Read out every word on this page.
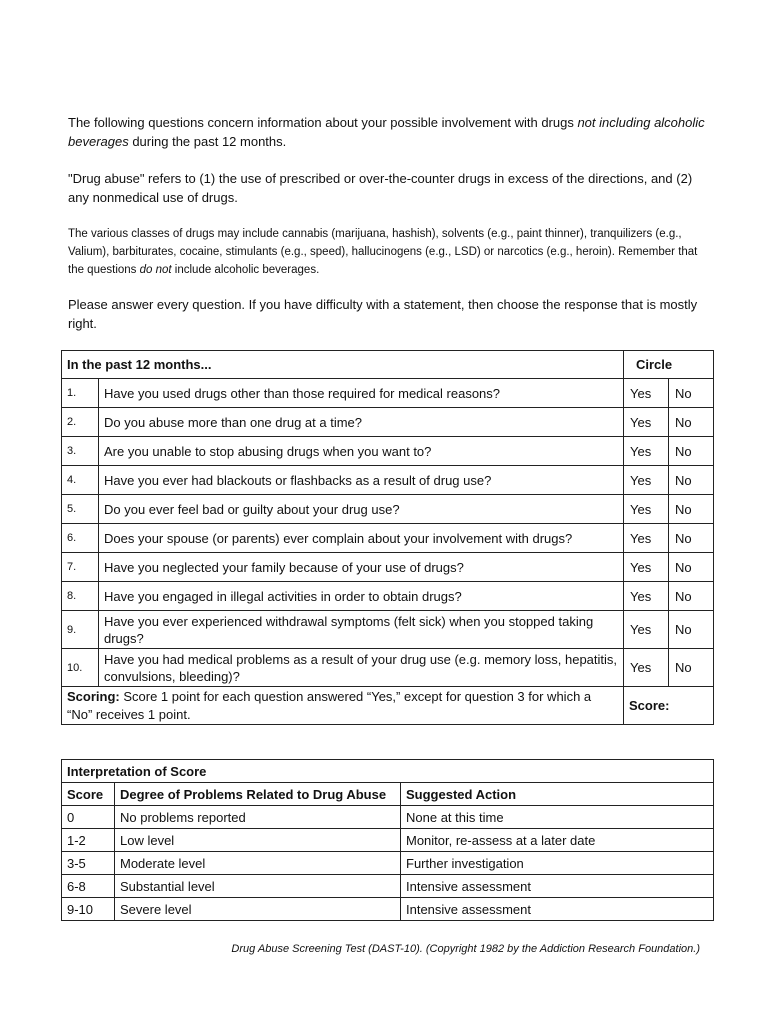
The following questions concern information about your possible involvement with drugs not including alcoholic beverages during the past 12 months.

"Drug abuse" refers to (1) the use of prescribed or over-the-counter drugs in excess of the directions, and (2) any nonmedical use of drugs.

The various classes of drugs may include cannabis (marijuana, hashish), solvents (e.g., paint thinner), tranquilizers (e.g., Valium), barbiturates, cocaine, stimulants (e.g., speed), hallucinogens (e.g., LSD) or narcotics (e.g., heroin). Remember that the questions do not include alcoholic beverages.

Please answer every question. If you have difficulty with a statement, then choose the response that is mostly right.

In the past 12 months...		Circle	
1.	Have you used drugs other than those required for medical reasons?	Yes	No
2.	Do you abuse more than one drug at a time?	Yes	No
3.	Are you unable to stop abusing drugs when you want to?	Yes	No
4.	Have you ever had blackouts or flashbacks as a result of drug use?	Yes	No
5.	Do you ever feel bad or guilty about your drug use?	Yes	No
6.	Does your spouse (or parents) ever complain about your involvement with drugs?	Yes	No
7.	Have you neglected your family because of your use of drugs?	Yes	No
8.	Have you engaged in illegal activities in order to obtain drugs?	Yes	No
9.	Have you ever experienced withdrawal symptoms (felt sick) when you stopped taking drugs?	Yes	No
10.	Have you had medical problems as a result of your drug use (e.g. memory loss, hepatitis, convulsions, bleeding)?	Yes	No
Scoring: Score 1 point for each question answered “Yes,” except for question 3 for which a “No” receives 1 point.		Score:	
Interpretation of Score		
Score	Degree of Problems Related to Drug Abuse	Suggested Action
0	No problems reported	None at this time
1-2	Low level	Monitor, re-assess at a later date
3-5	Moderate level	Further investigation
6-8	Substantial level	Intensive assessment
9-10	Severe level	Intensive assessment
Drug Abuse Screening Test (DAST-10). (Copyright 1982 by the Addiction Research Foundation.)
